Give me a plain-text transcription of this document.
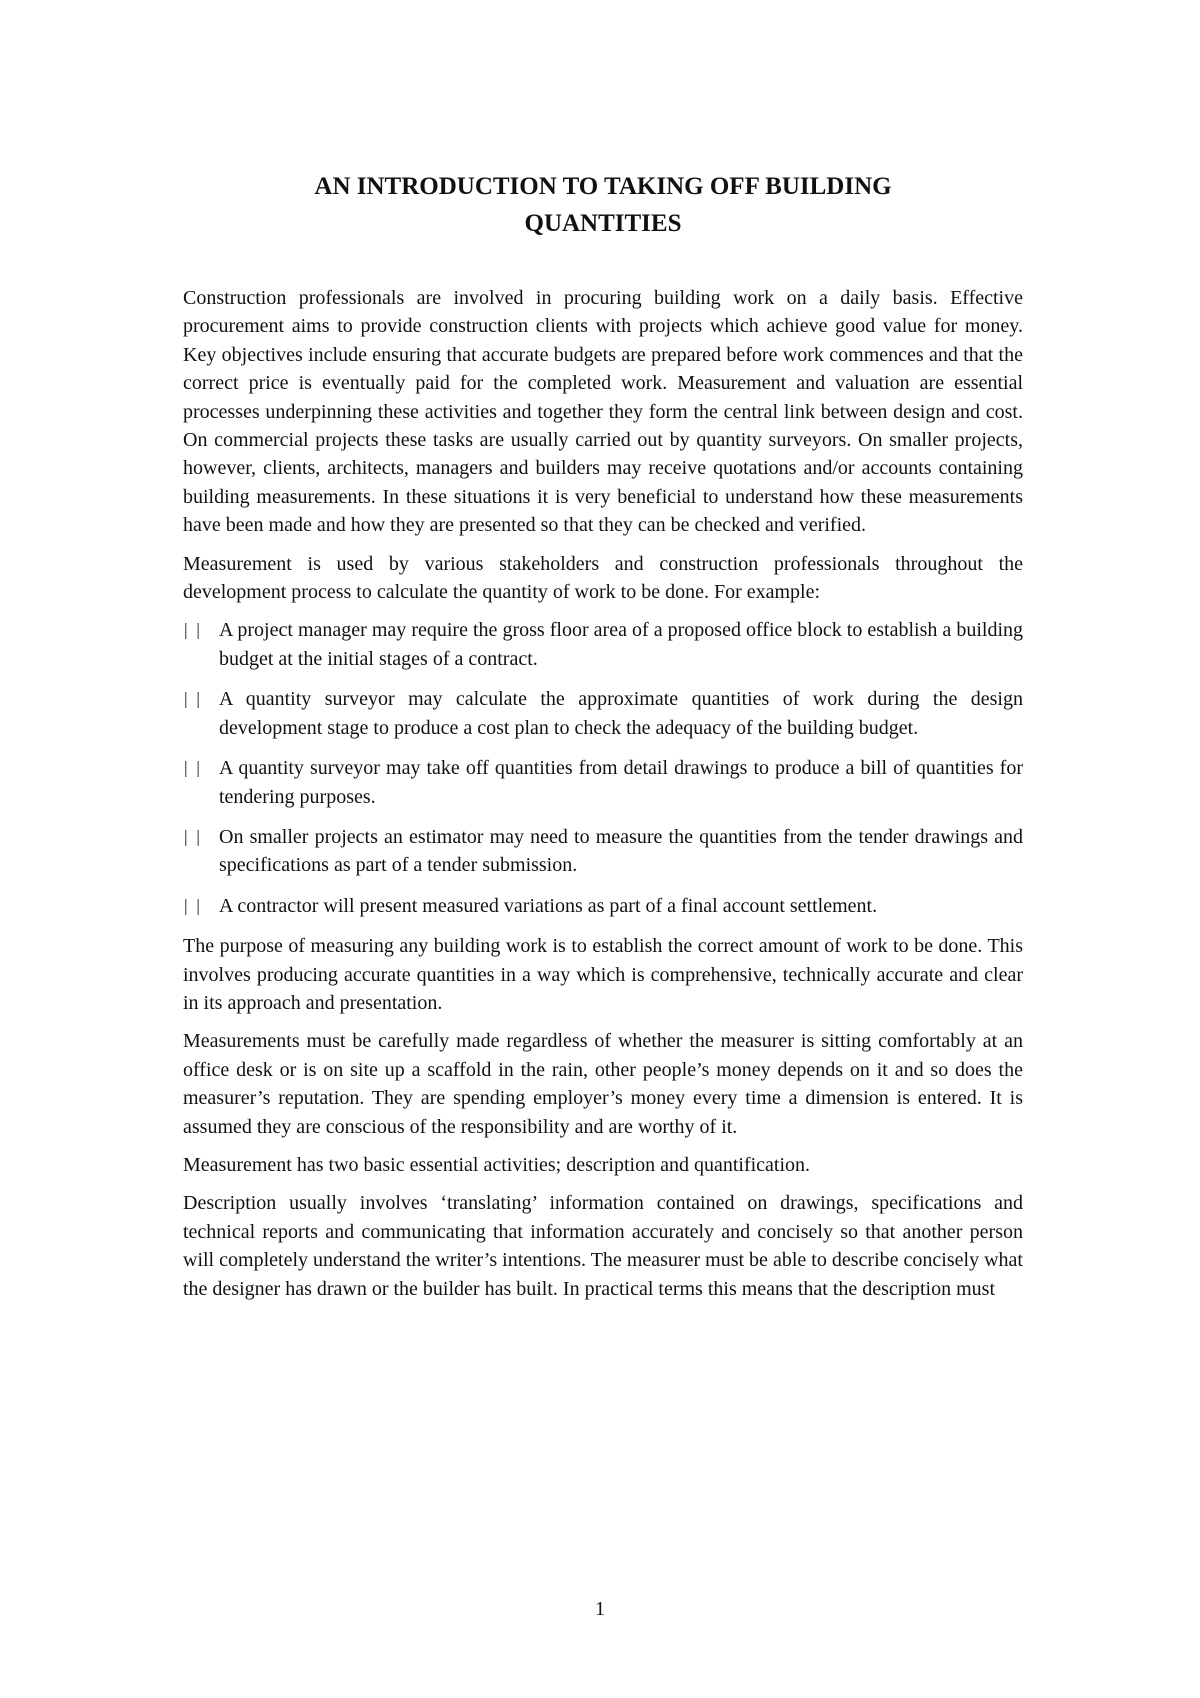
AN INTRODUCTION TO TAKING OFF BUILDING
QUANTITIES

Construction professionals are involved in procuring building work on a daily basis. Effective procurement aims to provide construction clients with projects which achieve good value for money. Key objectives include ensuring that accurate budgets are prepared before work commences and that the correct price is eventually paid for the completed work. Measurement and valuation are essential processes underpinning these activities and together they form the central link between design and cost. On commercial projects these tasks are usually carried out by quantity surveyors. On smaller projects, however, clients, architects, managers and builders may receive quotations and/or accounts containing building measurements. In these situations it is very beneficial to understand how these measurements have been made and how they are presented so that they can be checked and verified.

Measurement is used by various stakeholders and construction professionals throughout the development process to calculate the quantity of work to be done. For example:

| | A project manager may require the gross floor area of a proposed office block to establish a building budget at the initial stages of a contract.
| | A quantity surveyor may calculate the approximate quantities of work during the design development stage to produce a cost plan to check the adequacy of the building budget.
| | A quantity surveyor may take off quantities from detail drawings to produce a bill of quantities for tendering purposes.
| | On smaller projects an estimator may need to measure the quantities from the tender drawings and specifications as part of a tender submission.
| | A contractor will present measured variations as part of a final account settlement.

The purpose of measuring any building work is to establish the correct amount of work to be done. This involves producing accurate quantities in a way which is comprehensive, technically accurate and clear in its approach and presentation.

Measurements must be carefully made regardless of whether the measurer is sitting comfortably at an office desk or is on site up a scaffold in the rain, other people’s money depends on it and so does the measurer’s reputation. They are spending employer’s money every time a dimension is entered. It is assumed they are conscious of the responsibility and are worthy of it.

Measurement has two basic essential activities; description and quantification.

Description usually involves ‘translating’ information contained on drawings, specifications and technical reports and communicating that information accurately and concisely so that another person will completely understand the writer’s intentions. The measurer must be able to describe concisely what the designer has drawn or the builder has built. In practical terms this means that the description must

1
